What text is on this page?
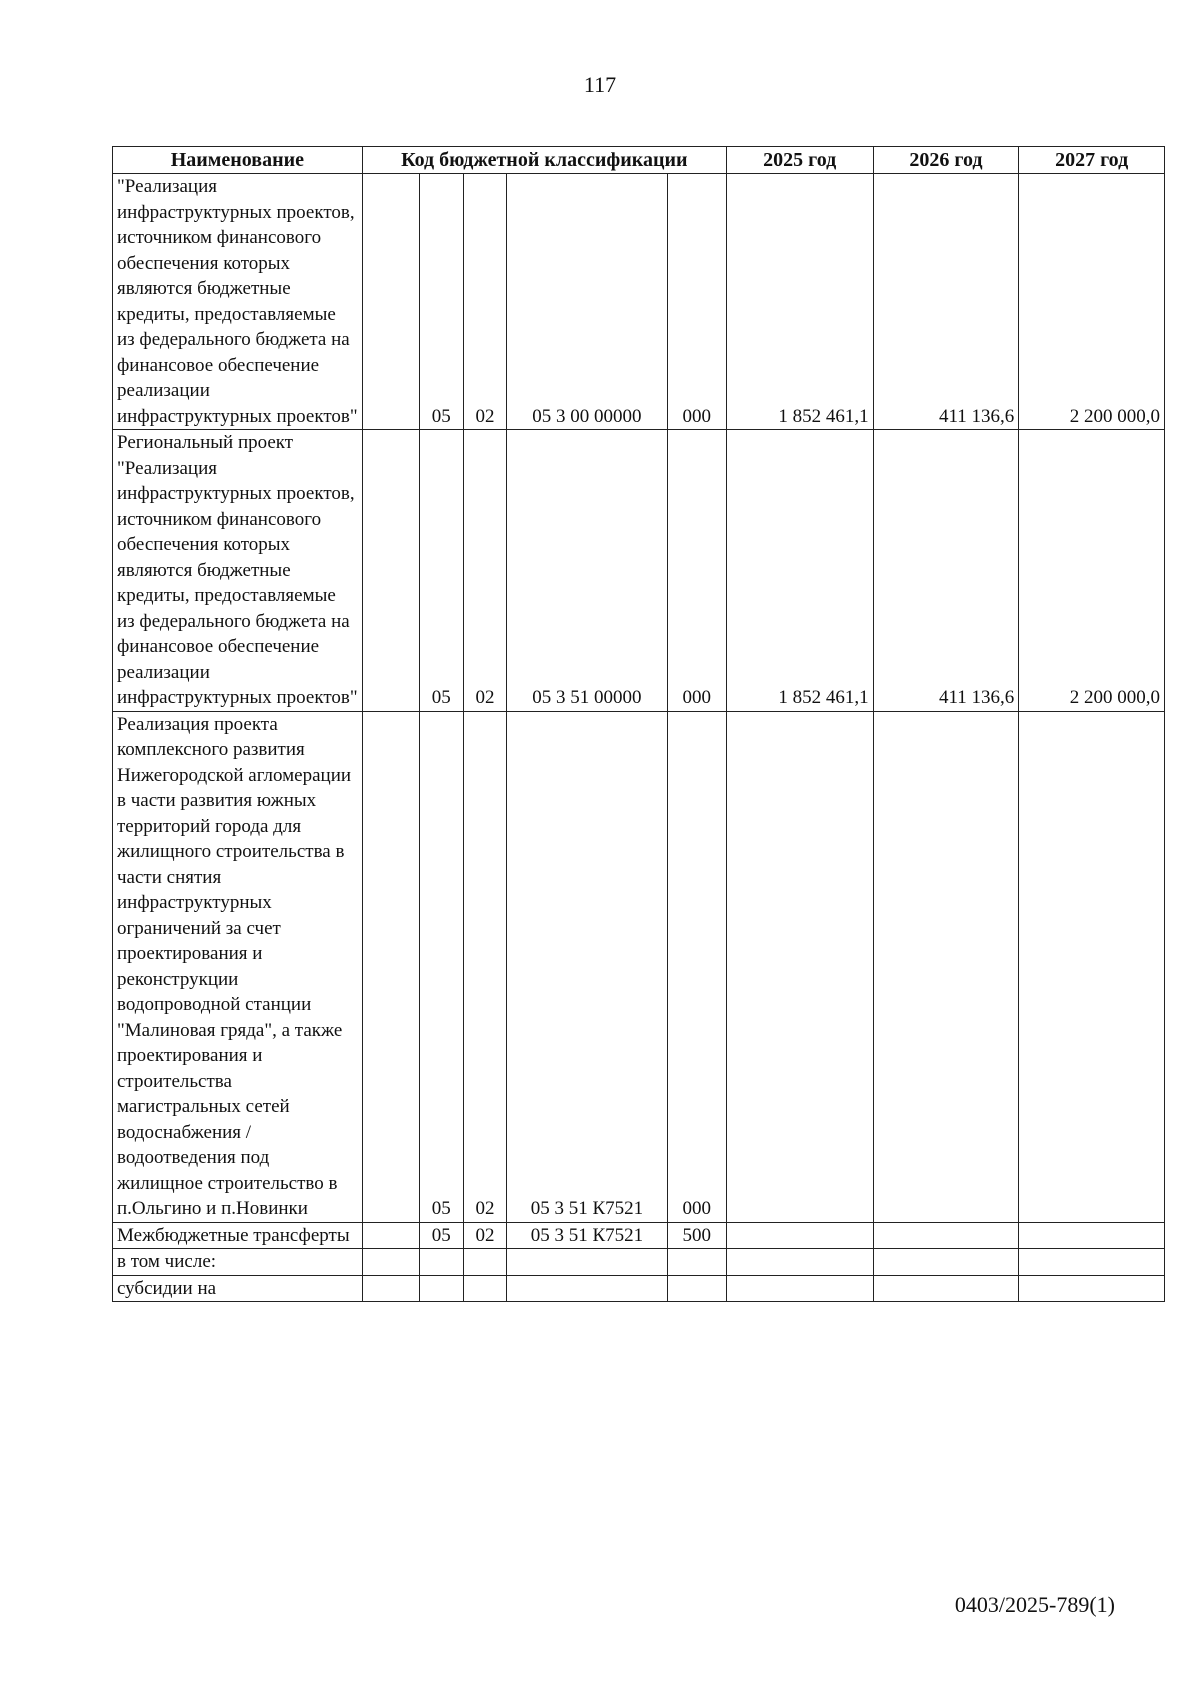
117
Наименование	Код бюджетной классификации					2025 год	2026 год	2027 год
"Реализация инфраструктурных проектов, источником финансового обеспечения которых являются бюджетные кредиты, предоставляемые из федерального бюджета на финансовое обеспечение реализации инфраструктурных проектов"		05	02	05 3 00 00000	000	1 852 461,1	411 136,6	2 200 000,0
Региональный проект "Реализация инфраструктурных проектов, источником финансового обеспечения которых являются бюджетные кредиты, предоставляемые из федерального бюджета на финансовое обеспечение реализации инфраструктурных проектов"		05	02	05 3 51 00000	000	1 852 461,1	411 136,6	2 200 000,0
Реализация проекта комплексного развития Нижегородской агломерации в части развития южных территорий города для жилищного строительства в части снятия инфраструктурных ограничений за счет проектирования и реконструкции водопроводной станции "Малиновая гряда", а также проектирования и строительства магистральных сетей водоснабжения / водоотведения под жилищное строительство в п.Ольгино и п.Новинки		05	02	05 3 51 К7521	000			
Межбюджетные трансферты		05	02	05 3 51 К7521	500			
в том числе:								
субсидии на								
0403/2025-789(1)
